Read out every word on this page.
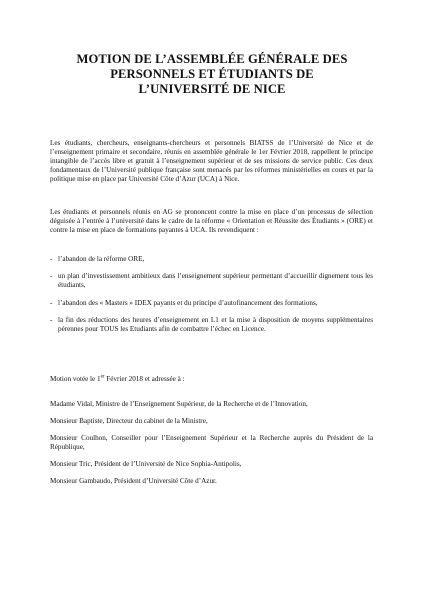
MOTION DE L’ASSEMBLÉE GÉNÉRALE DES
PERSONNELS ET ÉTUDIANTS DE
L’UNIVERSITÉ DE NICE
Les étudiants, chercheurs, enseignants-chercheurs et personnels BIATSS de l’Université de Nice et de l’enseignement primaire et secondaire, réunis en assemblée générale le 1er Février 2018, rappellent le principe intangible de l’accès libre et gratuit à l’enseignement supérieur et de ses missions de service public. Ces deux fondamentaux de l’Université publique française sont menacés par les réformes ministérielles en cours et par la politique mise en place par Université Côte d’Azur (UCA) à Nice.
Les étudiants et personnels réunis en AG se prononcent contre la mise en place d’un processus de sélection déguisée à l’entrée à l’université dans le cadre de la réforme « Orientation et Réussite des Étudiants » (ORE) et contre la mise en place de formations payantes à UCA. Ils revendiquent :
- l’abandon de la réforme ORE,
- un plan d’investissement ambitieux dans l’enseignement supérieur permettant d’accueillir dignement tous les étudiants,
- l’abandon des « Masters » IDEX payants et du principe d’autofinancement des formations,
- la fin des réductions des heures d’enseignement en L1 et la mise à disposition de moyens supplémentaires pérennes pour TOUS les Etudiants afin de combattre l’échec en Licence.
Motion votée le 1er Février 2018 et adressée à :
Madame Vidal, Ministre de l’Enseignement Supérieur, de la Recherche et de l’Innovation,
Monsieur Baptiste, Directeur du cabinet de la Ministre,
Monsieur Coulhon, Conseiller pour l’Enseignement Supérieur et la Recherche auprès du Président de la République,
Monsieur Tric, Président de l’Université de Nice Sophia-Antipolis,
Monsieur Gambaudo, Président d’Université Côte d’Azur.
